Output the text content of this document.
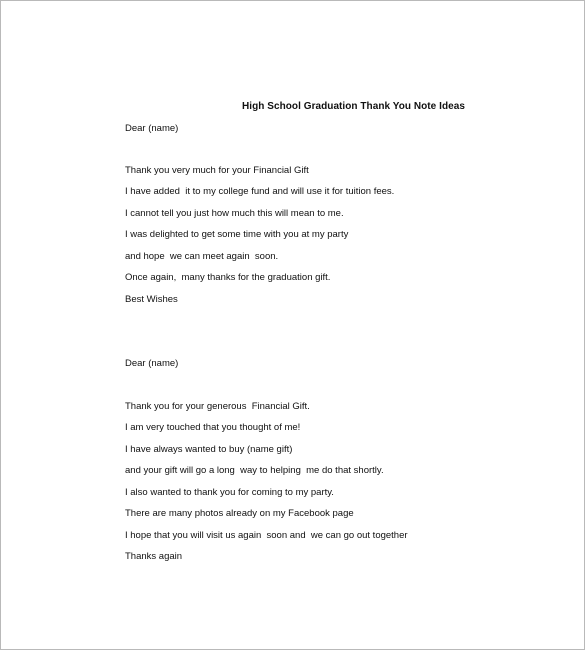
High School Graduation Thank You Note Ideas
Dear (name)
Thank you very much for your Financial Gift
I have added  it to my college fund and will use it for tuition fees.
I cannot tell you just how much this will mean to me.
I was delighted to get some time with you at my party
and hope  we can meet again  soon.
Once again,  many thanks for the graduation gift.
Best Wishes
Dear (name)
Thank you for your generous  Financial Gift.
I am very touched that you thought of me!
I have always wanted to buy (name gift)
and your gift will go a long  way to helping  me do that shortly.
I also wanted to thank you for coming to my party.
There are many photos already on my Facebook page
I hope that you will visit us again  soon and  we can go out together
Thanks again
